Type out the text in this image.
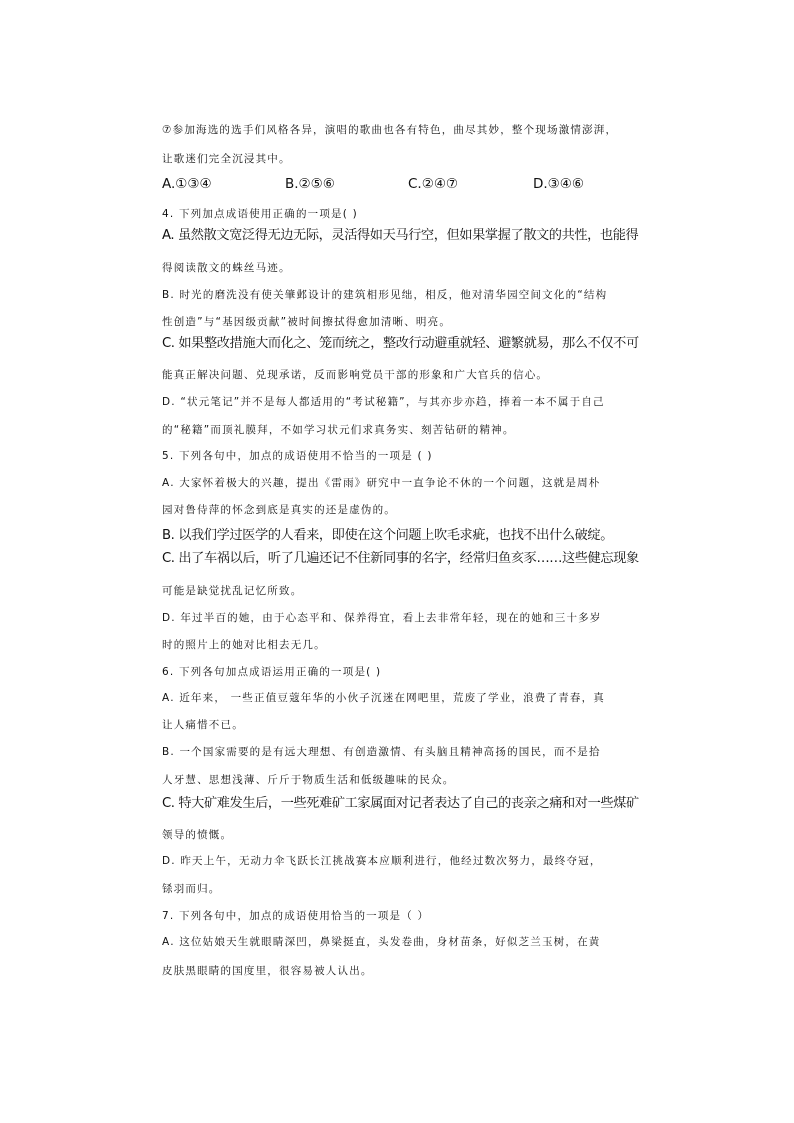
⑦参加海选的选手们风格各异，演唱的歌曲也各有特色，曲尽其妙，整个现场激情澎湃，
让歌迷们完全沉浸其中。
A.①③④	B.②⑤⑥	C.②④⑦	D.③④⑥
4. 下列加点成语使用正确的一项是( )
A. 虽然散文宽泛得无边无际，灵活得如天马行空，但如果掌握了散文的共性，也能得
得阅读散文的蛛丝马迹。
B. 时光的磨洗没有使关肇邺设计的建筑相形见绌，相反，他对清华园空间文化的“结构
性创造”与“基因级贡献”被时间擦拭得愈加清晰、明亮。
C. 如果整改措施大而化之、笼而统之，整改行动避重就轻、避繁就易，那么不仅不可
能真正解决问题、兑现承诺，反而影响党员干部的形象和广大官兵的信心。
D. “状元笔记”并不是每人都适用的“考试秘籍”，与其亦步亦趋，捧着一本不属于自己
的“秘籍”而顶礼膜拜，不如学习状元们求真务实、刻苦钻研的精神。
5. 下列各句中，加点的成语使用不恰当的一项是 ( )
A. 大家怀着极大的兴趣，提出《雷雨》研究中一直争论不休的一个问题，这就是周朴
园对鲁侍萍的怀念到底是真实的还是虚伪的。
B. 以我们学过医学的人看来，即使在这个问题上吹毛求疵，也找不出什么破绽。
C. 出了车祸以后，听了几遍还记不住新同事的名字，经常归鱼亥豕……这些健忘现象
可能是缺觉扰乱记忆所致。
D. 年过半百的她，由于心态平和、保养得宜，看上去非常年轻，现在的她和三十多岁
时的照片上的她对比相去无几。
6. 下列各句加点成语运用正确的一项是( )
A. 近年来， 一些正值豆蔻年华的小伙子沉迷在网吧里，荒废了学业，浪费了青春，真
让人痛惜不已。
B. 一个国家需要的是有远大理想、有创造激情、有头脑且精神高扬的国民，而不是拾
人牙慧、思想浅薄、斤斤于物质生活和低级趣味的民众。
C. 特大矿难发生后，一些死难矿工家属面对记者表达了自己的丧亲之痛和对一些煤矿
领导的愤慨。
D. 昨天上午，无动力伞飞跃长江挑战赛本应顺利进行，他经过数次努力，最终夺冠，
铩羽而归。
7. 下列各句中，加点的成语使用恰当的一项是（ ）
A. 这位姑娘天生就眼睛深凹，鼻梁挺直，头发卷曲，身材苗条，好似芝兰玉树，在黄
皮肤黑眼睛的国度里，很容易被人认出。
